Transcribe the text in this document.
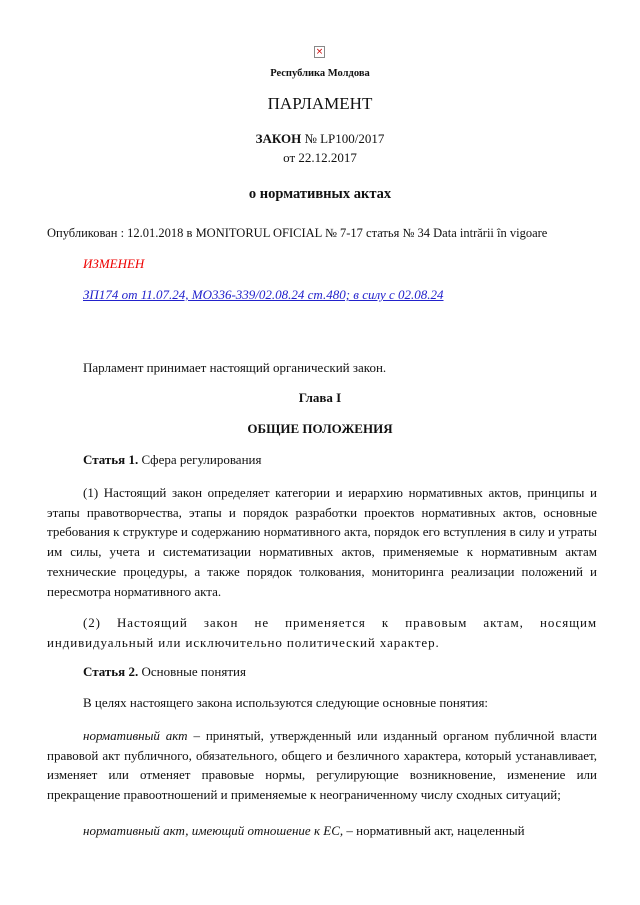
×
Республика Молдова
ПАРЛАМЕНТ
ЗАКОН № LP100/2017
от 22.12.2017
о нормативных актах
Опубликован : 12.01.2018 в MONITORUL OFICIAL № 7-17 статья № 34 Data intrării în vigoare
ИЗМЕНЕН
ЗП174 от 11.07.24, MO336-339/02.08.24 ст.480; в силу с 02.08.24
Парламент принимает настоящий органический закон.
Глава I
ОБЩИЕ ПОЛОЖЕНИЯ
Статья 1. Сфера регулирования
(1) Настоящий закон определяет категории и иерархию нормативных актов, принципы и этапы правотворчества, этапы и порядок разработки проектов нормативных актов, основные требования к структуре и содержанию нормативного акта, порядок его вступления в силу и утраты им силы, учета и систематизации нормативных актов, применяемые к нормативным актам технические процедуры, а также порядок толкования, мониторинга реализации положений и пересмотра нормативного акта.
(2) Настоящий закон не применяется к правовым актам, носящим индивидуальный или исключительно политический характер.
Статья 2. Основные понятия
В целях настоящего закона используются следующие основные понятия:
нормативный акт – принятый, утвержденный или изданный органом публичной власти правовой акт публичного, обязательного, общего и безличного характера, который устанавливает, изменяет или отменяет правовые нормы, регулирующие возникновение, изменение или прекращение правоотношений и применяемые к неограниченному числу сходных ситуаций;
нормативный акт, имеющий отношение к ЕС, – нормативный акт, нацеленный
